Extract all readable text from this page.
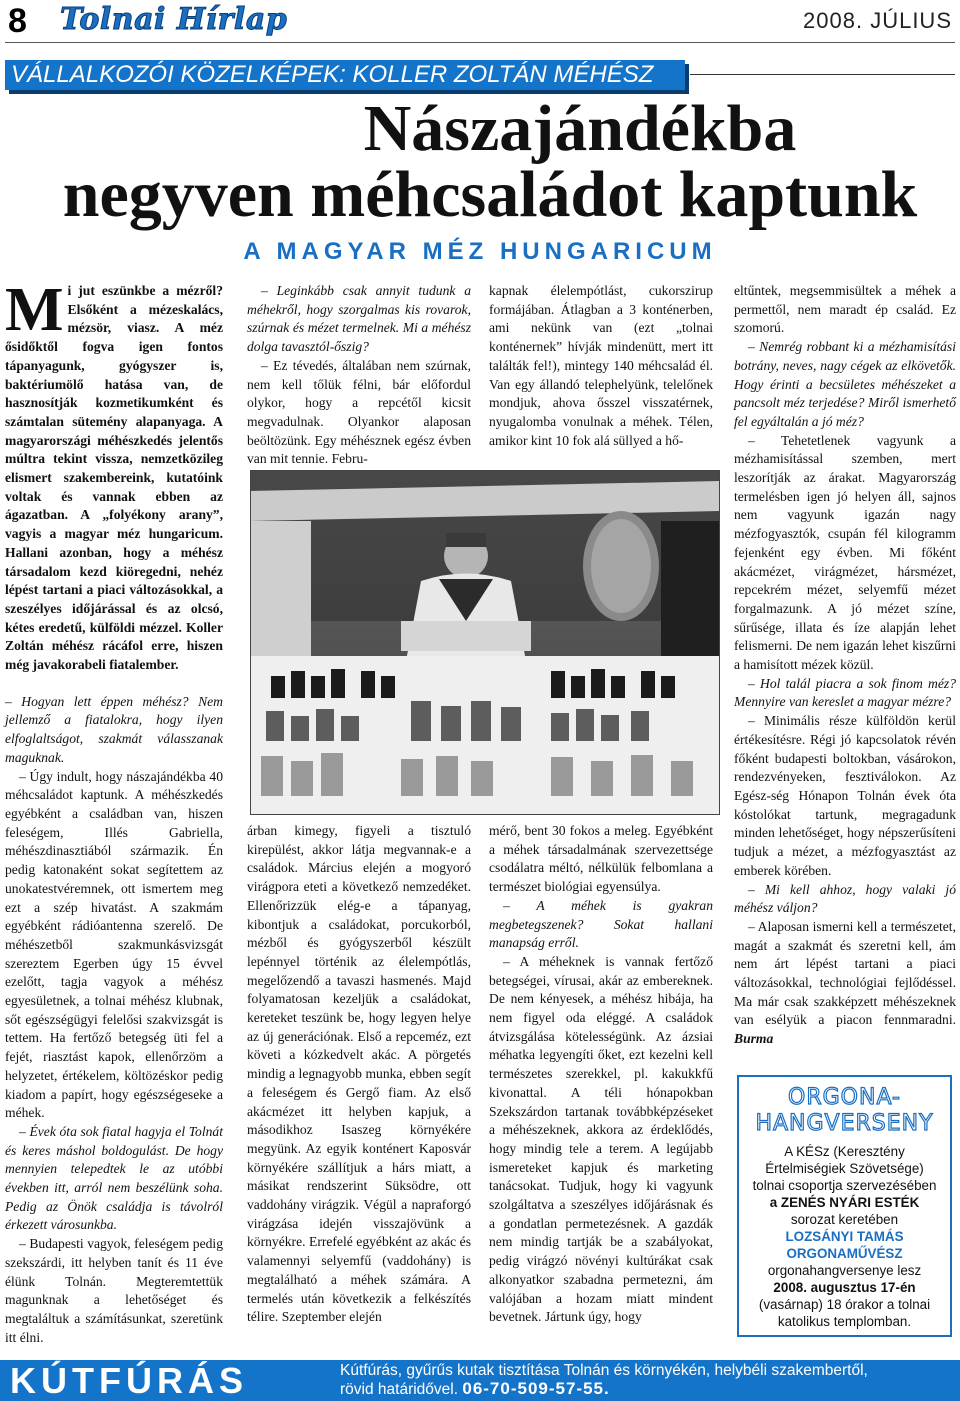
8 Tolnai Hírlap	2008. JÚLIUS
VÁLLALKOZÓI KÖZELKÉPEK: KOLLER ZOLTÁN MÉHÉSZ
Nászajándékba
negyven méhcsaládot kaptunk
A MAGYAR MÉZ HUNGARICUM

Mi jut eszünkbe a mézről? Elsőként a mézeskalács, mézsör, viasz. A méz ősidőktől fogva igen fontos tápanyagunk, gyógyszer is, baktériumölő hatása van, de hasznosítják kozmetikumként és számtalan sütemény alapanyaga. A magyarországi méhészkedés jelentős múltra tekint vissza, nemzetközileg elismert szakembereink, kutatóink voltak és vannak ebben az ágazatban. A „folyékony arany”, vagyis a magyar méz hungaricum. Hallani azonban, hogy a méhész társadalom kezd kiöregedni, nehéz lépést tartani a piaci változásokkal, a szeszélyes időjárással és az olcsó, kétes eredetű, külföldi mézzel. Koller Zoltán méhész rácáfol erre, hiszen még javakorabeli fiatalember.

– Hogyan lett éppen méhész? Nem jellemző a fiatalokra, hogy ilyen elfoglaltságot, szakmát válasszanak maguknak.

– Úgy indult, hogy nászajándékba 40 méhcsaládot kaptunk. A méhészkedés egyébként a családban van, hiszen feleségem, Illés Gabriella, méhészdinasztiából származik. Én pedig katonaként sokat segítettem az unokatestvéremnek, ott ismertem meg ezt a szép hivatást. A szakmám egyébként rádióantenna szerelő. De méhészetből szakmunkásvizsgát szereztem Egerben úgy 15 évvel ezelőtt, tagja vagyok a méhész egyesületnek, a tolnai méhész klubnak, sőt egészségügyi felelősi szakvizsgát is tettem. Ha fertőző betegség üti fel a fejét, riasztást kapok, ellenőrzöm a helyzetet, értékelem, költözéskor pedig kiadom a papírt, hogy egészségeseke a méhek.

– Évek óta sok fiatal hagyja el Tolnát és keres máshol boldogulást. De hogy mennyien telepedtek le az utóbbi években itt, arról nem beszélünk soha. Pedig az Önök családja is távolról érkezett városunkba.

– Budapesti vagyok, feleségem pedig szekszárdi, itt helyben tanít és 11 éve élünk Tolnán. Megteremtettük magunknak a lehetőséget és megtaláltuk a számításunkat, szeretünk itt élni.

– Leginkább csak annyit tudunk a méhekről, hogy szorgalmas kis rovarok, szúrnak és mézet termelnek. Mi a méhész dolga tavasztól-őszig?

– Ez tévedés, általában nem szúrnak, nem kell tőlük félni, bár előfordul olykor, hogy a repcétől kicsit megvadulnak. Olyankor alaposan beöltözünk. Egy méhésznek egész évben van mit tennie. Febru-

kapnak élelempótlást, cukorszirup formájában. Átlagban a 3 konténerben, ami nekünk van (ezt „tolnai konténernek” hívják mindenütt, mert itt találták fel!), mintegy 140 méhcsalád él. Van egy állandó telephelyünk, telelőnek mondjuk, ahova ősszel visszatérnek, nyugalomba vonulnak a méhek. Télen, amikor kint 10 fok alá süllyed a hő-

eltűntek, megsemmisültek a méhek a permettől, nem maradt ép család. Ez szomorú.

– Nemrég robbant ki a mézhamisítási botrány, neves, nagy cégek az elkövetők. Hogy érinti a becsületes méhészeket a pancsolt méz terjedése? Miről ismerhető fel egyáltalán a jó méz?

– Tehetetlenek vagyunk a mézhamisítással szemben, mert leszorítják az árakat. Magyarország termelésben igen jó helyen áll, sajnos nem vagyunk igazán nagy mézfogyasztók, csupán fél kilogramm fejenként egy évben. Mi főként akácmézet, virágmézet, hársmézet, repcekrém mézet, selyemfű mézet forgalmazunk. A jó mézet színe, sűrűsége, illata és íze alapján lehet felismerni. De nem igazán lehet kiszűrni a hamisított mézek közül.

– Hol talál piacra a sok finom méz? Mennyire van kereslet a magyar mézre?

– Minimális része külföldön kerül értékesítésre. Régi jó kapcsolatok révén főként budapesti boltokban, vásárokon, rendezvényeken, fesztiválokon. Az Egész-ség Hónapon Tolnán évek óta kóstolókat tartunk, megragadunk minden lehetőséget, hogy népszerűsíteni tudjuk a mézet, a mézfogyasztást az emberek körében.

– Mi kell ahhoz, hogy valaki jó méhész váljon?

– Alaposan ismerni kell a természetet, magát a szakmát és szeretni kell, ám nem árt lépést tartani a piaci változásokkal, technológiai fejlődéssel. Ma már csak szakképzett méhészeknek van esélyük a piacon fennmaradni. Burma

árban kimegy, figyeli a tisztuló kirepülést, akkor látja megvannak-e a családok. Március elején a mogyoró virágpora eteti a következő nemzedéket. Ellenőrizzük elég-e a tápanyag, kibontjuk a családokat, porcukorból, mézből és gyógyszerből készült lepénnyel történik az élelempótlás, megelőzendő a tavaszi hasmenés. Majd folyamatosan kezeljük a családokat, kereteket teszünk be, hogy legyen helye az új generációnak. Első a repceméz, ezt követi a kózkedvelt akác. A pörgetés mindig a legnagyobb munka, ebben segít a feleségem és Gergő fiam. Az első akácmézet itt helyben kapjuk, a másodikhoz Isaszeg környékére megyünk. Az egyik konténert Kaposvár környékére szállítjuk a hárs miatt, a másikat rendszerint Süksödre, ott vaddohány virágzik. Végül a napraforgó virágzása idején visszajövünk a környékre. Errefelé egyébként az akác és valamennyi selyemfű (vaddohány) is megtalálható a méhek számára. A termelés után következik a felkészítés télire. Szeptember elején

mérő, bent 30 fokos a meleg. Egyébként a méhek társadalmának szervezettsége csodálatra méltó, nélkülük felbomlana a természet biológiai egyensúlya.

– A méhek is gyakran megbetegszenek? Sokat hallani manapság erről.

– A méheknek is vannak fertőző betegségei, vírusai, akár az embereknek. De nem kényesek, a méhész hibája, ha nem figyel oda eléggé. A családok átvizsgálása kötelességünk. Az ázsiai méhatka legyengíti őket, ezt kezelni kell természetes szerekkel, pl. kakukkfű kivonattal. A téli hónapokban Szekszárdon tartanak továbbképzéseket a méhészeknek, akkora az érdeklődés, hogy mindig tele a terem. A legújabb ismereteket kapjuk és marketing tanácsokat. Tudjuk, hogy ki vagyunk szolgáltatva a szeszélyes időjárásnak és a gondatlan permetezésnek. A gazdák nem mindig tartják be a szabályokat, pedig virágzó növényi kultúrákat csak alkonyatkor szabadna permetezni, ám valójában a hozam miatt mindent bevetnek. Jártunk úgy, hogy

ORGONA-
HANGVERSENY
A KÉSz (Keresztény
Értelmiségiek Szövetsége)
tolnai csoportja szervezésében
a ZENÉS NYÁRI ESTÉK
sorozat keretében
LOZSÁNYI TAMÁS
ORGONAMŰVÉSZ
orgonahangversenye lesz
2008. augusztus 17-én
(vasárnap) 18 órakor a tolnai
katolikus templomban.
KÚTFÚRÁS	Kútfúrás, gyűrűs kutak tisztítása Tolnán és környékén, helybéli szakembertől,
rövid határidővel. 06-70-509-57-55.
